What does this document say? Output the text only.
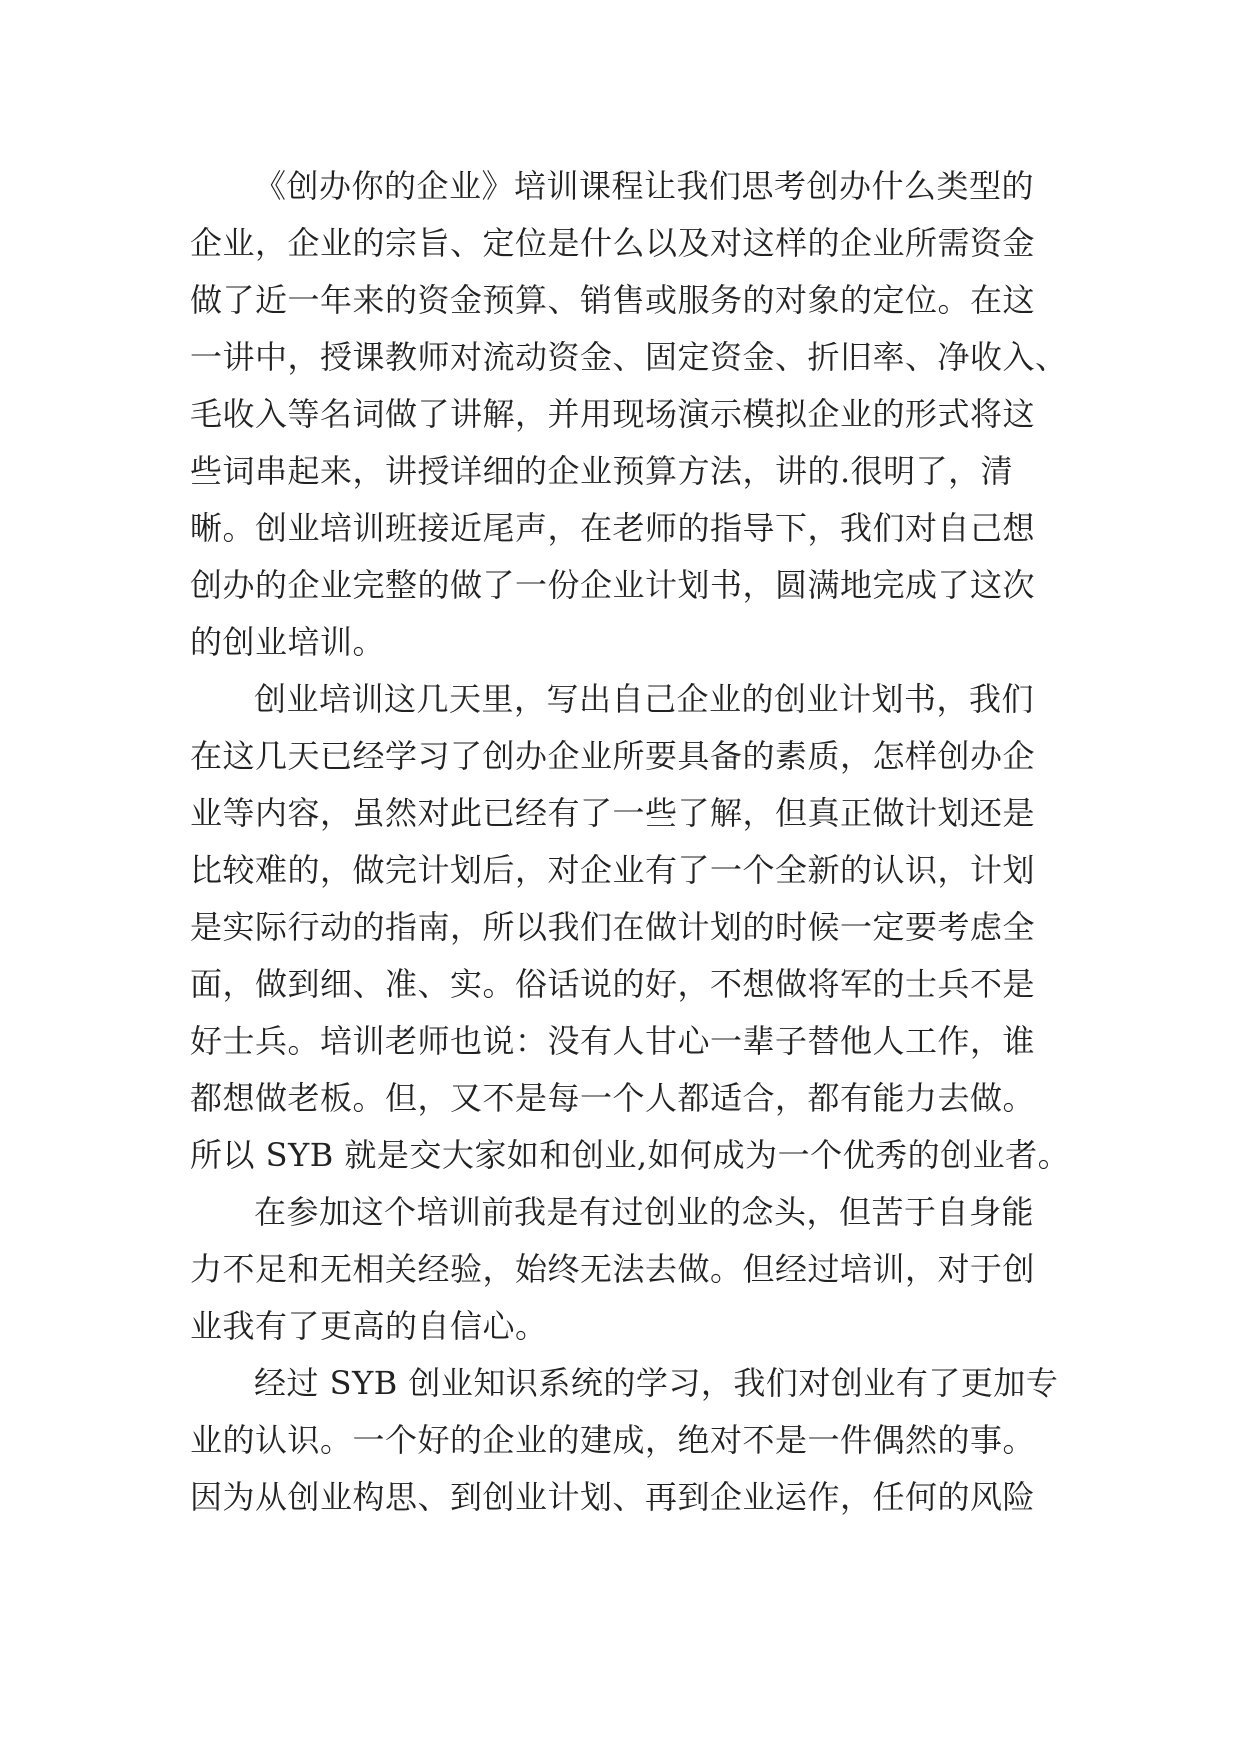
《创办你的企业》培训课程让我们思考创办什么类型的
企业，企业的宗旨、定位是什么以及对这样的企业所需资金
做了近一年来的资金预算、销售或服务的对象的定位。在这
一讲中，授课教师对流动资金、固定资金、折旧率、净收入、
毛收入等名词做了讲解，并用现场演示模拟企业的形式将这
些词串起来，讲授详细的企业预算方法，讲的.很明了，清
晰。创业培训班接近尾声，在老师的指导下，我们对自己想
创办的企业完整的做了一份企业计划书，圆满地完成了这次
的创业培训。
创业培训这几天里，写出自己企业的创业计划书，我们
在这几天已经学习了创办企业所要具备的素质，怎样创办企
业等内容，虽然对此已经有了一些了解，但真正做计划还是
比较难的，做完计划后，对企业有了一个全新的认识，计划
是实际行动的指南，所以我们在做计划的时候一定要考虑全
面，做到细、准、实。俗话说的好，不想做将军的士兵不是
好士兵。培训老师也说：没有人甘心一辈子替他人工作，谁
都想做老板。但，又不是每一个人都适合，都有能力去做。
所以 SYB 就是交大家如和创业,如何成为一个优秀的创业者。
在参加这个培训前我是有过创业的念头，但苦于自身能
力不足和无相关经验，始终无法去做。但经过培训，对于创
业我有了更高的自信心。
经过 SYB 创业知识系统的学习，我们对创业有了更加专
业的认识。一个好的企业的建成，绝对不是一件偶然的事。
因为从创业构思、到创业计划、再到企业运作，任何的风险
